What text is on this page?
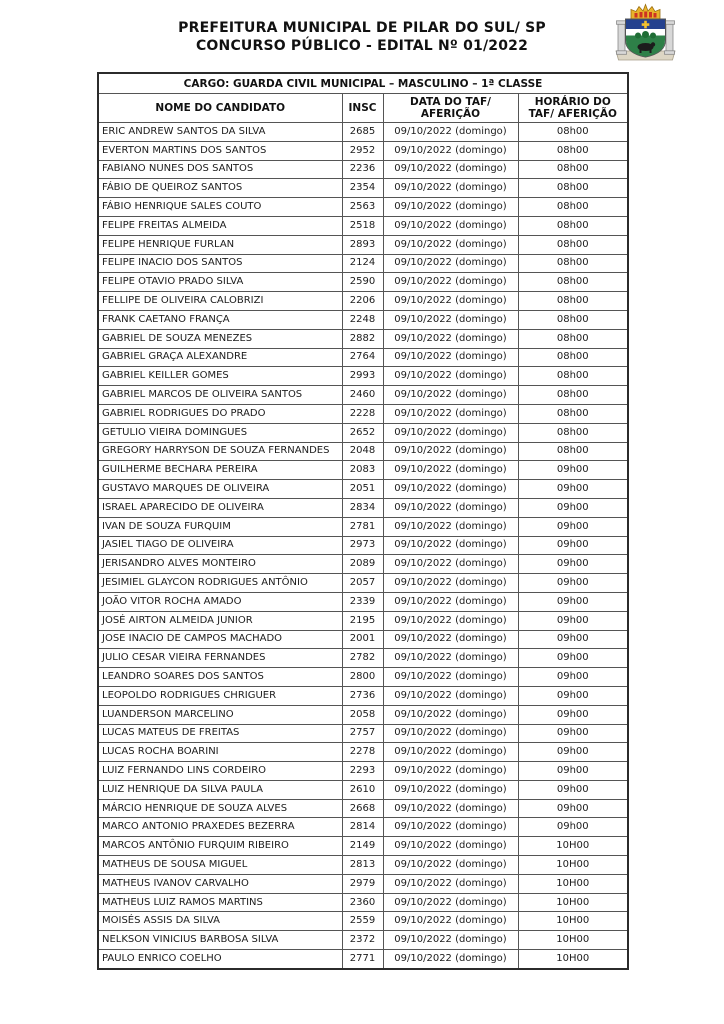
PREFEITURA MUNICIPAL DE PILAR DO SUL/ SP
CONCURSO PÚBLICO - EDITAL Nº 01/2022
CARGO: GUARDA CIVIL MUNICIPAL – MASCULINO – 1ª CLASSE			
NOME DO CANDIDATO	INSC	DATA DO TAF/ AFERIÇÃO	HORÁRIO DO TAF/ AFERIÇÃO
ERIC ANDREW SANTOS DA SILVA	2685	09/10/2022 (domingo)	08h00
EVERTON MARTINS DOS SANTOS	2952	09/10/2022 (domingo)	08h00
FABIANO NUNES DOS SANTOS	2236	09/10/2022 (domingo)	08h00
FÁBIO DE QUEIROZ SANTOS	2354	09/10/2022 (domingo)	08h00
FÁBIO HENRIQUE SALES COUTO	2563	09/10/2022 (domingo)	08h00
FELIPE FREITAS ALMEIDA	2518	09/10/2022 (domingo)	08h00
FELIPE HENRIQUE FURLAN	2893	09/10/2022 (domingo)	08h00
FELIPE INACIO DOS SANTOS	2124	09/10/2022 (domingo)	08h00
FELIPE OTAVIO PRADO SILVA	2590	09/10/2022 (domingo)	08h00
FELLIPE DE OLIVEIRA CALOBRIZI	2206	09/10/2022 (domingo)	08h00
FRANK CAETANO FRANÇA	2248	09/10/2022 (domingo)	08h00
GABRIEL DE SOUZA MENEZES	2882	09/10/2022 (domingo)	08h00
GABRIEL GRAÇA ALEXANDRE	2764	09/10/2022 (domingo)	08h00
GABRIEL KEILLER GOMES	2993	09/10/2022 (domingo)	08h00
GABRIEL MARCOS DE OLIVEIRA SANTOS	2460	09/10/2022 (domingo)	08h00
GABRIEL RODRIGUES DO PRADO	2228	09/10/2022 (domingo)	08h00
GETULIO VIEIRA DOMINGUES	2652	09/10/2022 (domingo)	08h00
GREGORY HARRYSON DE SOUZA FERNANDES	2048	09/10/2022 (domingo)	08h00
GUILHERME BECHARA PEREIRA	2083	09/10/2022 (domingo)	09h00
GUSTAVO MARQUES DE OLIVEIRA	2051	09/10/2022 (domingo)	09h00
ISRAEL APARECIDO DE OLIVEIRA	2834	09/10/2022 (domingo)	09h00
IVAN DE SOUZA FURQUIM	2781	09/10/2022 (domingo)	09h00
JASIEL TIAGO DE OLIVEIRA	2973	09/10/2022 (domingo)	09h00
JERISANDRO ALVES MONTEIRO	2089	09/10/2022 (domingo)	09h00
JESIMIEL GLAYCON RODRIGUES ANTÔNIO	2057	09/10/2022 (domingo)	09h00
JOÃO VITOR ROCHA AMADO	2339	09/10/2022 (domingo)	09h00
JOSÉ AIRTON ALMEIDA JUNIOR	2195	09/10/2022 (domingo)	09h00
JOSE INACIO DE CAMPOS MACHADO	2001	09/10/2022 (domingo)	09h00
JULIO CESAR VIEIRA FERNANDES	2782	09/10/2022 (domingo)	09h00
LEANDRO SOARES DOS SANTOS	2800	09/10/2022 (domingo)	09h00
LEOPOLDO RODRIGUES CHRIGUER	2736	09/10/2022 (domingo)	09h00
LUANDERSON MARCELINO	2058	09/10/2022 (domingo)	09h00
LUCAS MATEUS DE FREITAS	2757	09/10/2022 (domingo)	09h00
LUCAS ROCHA BOARINI	2278	09/10/2022 (domingo)	09h00
LUIZ FERNANDO LINS CORDEIRO	2293	09/10/2022 (domingo)	09h00
LUIZ HENRIQUE DA SILVA PAULA	2610	09/10/2022 (domingo)	09h00
MÁRCIO HENRIQUE DE SOUZA ALVES	2668	09/10/2022 (domingo)	09h00
MARCO ANTONIO PRAXEDES BEZERRA	2814	09/10/2022 (domingo)	09h00
MARCOS ANTÔNIO FURQUIM RIBEIRO	2149	09/10/2022 (domingo)	10H00
MATHEUS DE SOUSA MIGUEL	2813	09/10/2022 (domingo)	10H00
MATHEUS IVANOV CARVALHO	2979	09/10/2022 (domingo)	10H00
MATHEUS LUIZ RAMOS MARTINS	2360	09/10/2022 (domingo)	10H00
MOISÉS ASSIS DA SILVA	2559	09/10/2022 (domingo)	10H00
NELKSON VINICIUS BARBOSA SILVA	2372	09/10/2022 (domingo)	10H00
PAULO ENRICO COELHO	2771	09/10/2022 (domingo)	10H00
